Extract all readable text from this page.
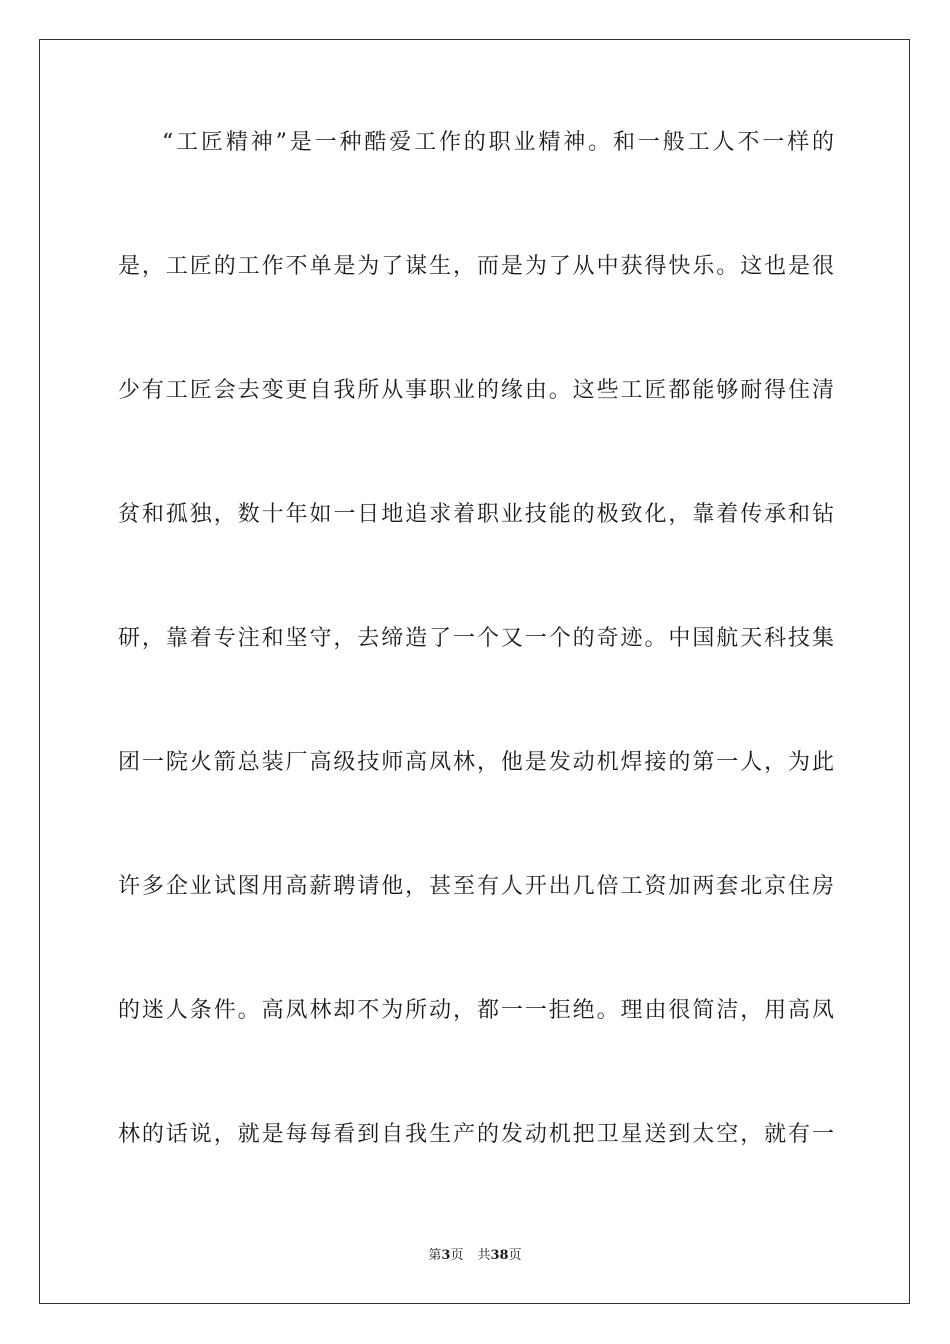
“工匠精神”是一种酷爱工作的职业精神。和一般工人不一样的
是，工匠的工作不单是为了谋生，而是为了从中获得快乐。这也是很
少有工匠会去变更自我所从事职业的缘由。这些工匠都能够耐得住清
贫和孤独，数十年如一日地追求着职业技能的极致化，靠着传承和钻
研，靠着专注和坚守，去缔造了一个又一个的奇迹。中国航天科技集
团一院火箭总装厂高级技师高凤林，他是发动机焊接的第一人，为此
许多企业试图用高薪聘请他，甚至有人开出几倍工资加两套北京住房
的迷人条件。高凤林却不为所动，都一一拒绝。理由很简洁，用高凤
林的话说，就是每每看到自我生产的发动机把卫星送到太空，就有一
第3页 共38页
